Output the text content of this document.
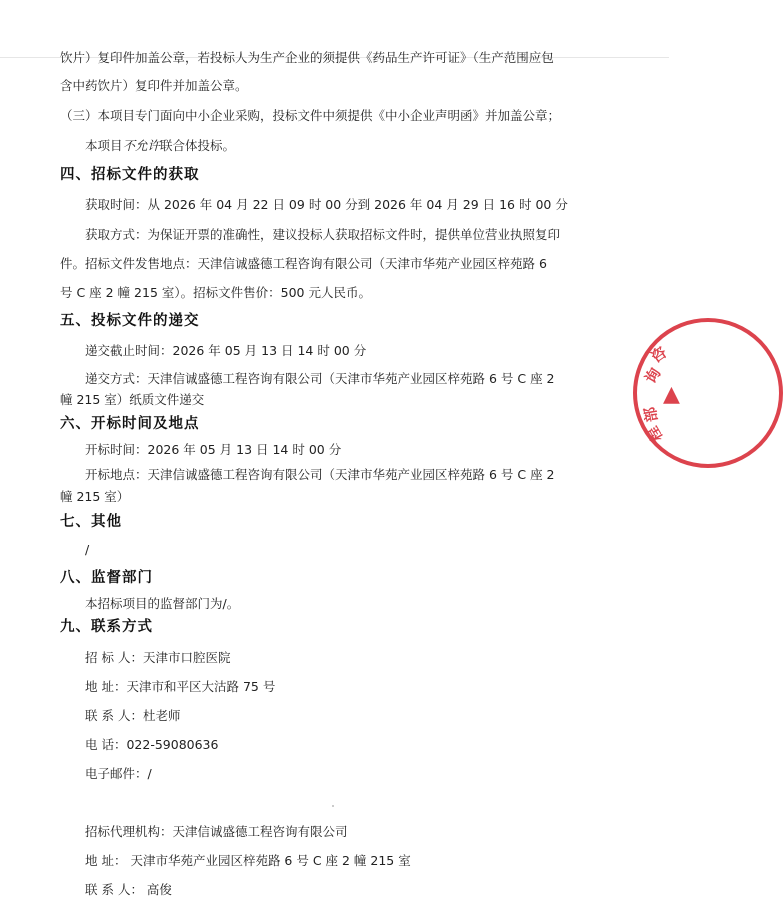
饮片）复印件加盖公章，若投标人为生产企业的须提供《药品生产许可证》（生产范围应包
含中药饮片）复印件并加盖公章。
（三）本项目专门面向中小企业采购，投标文件中须提供《中小企业声明函》并加盖公章；
本项目不允许联合体投标。
四、招标文件的获取
获取时间：从 2026 年 04 月 22 日 09 时 00 分到 2026 年 04 月 29 日 16 时 00 分
获取方式：为保证开票的准确性，建议投标人获取招标文件时，提供单位营业执照复印
件。招标文件发售地点：天津信诚盛德工程咨询有限公司（天津市华苑产业园区梓苑路 6
号 C 座 2 幢 215 室）。招标文件售价：500 元人民币。
五、投标文件的递交
递交截止时间：2026 年 05 月 13 日 14 时 00 分
递交方式：天津信诚盛德工程咨询有限公司（天津市华苑产业园区梓苑路 6 号 C 座 2
幢 215 室）纸质文件递交
六、开标时间及地点
开标时间：2026 年 05 月 13 日 14 时 00 分
开标地点：天津信诚盛德工程咨询有限公司（天津市华苑产业园区梓苑路 6 号 C 座 2
幢 215 室）
七、其他
/
八、监督部门
本招标项目的监督部门为/。
九、联系方式
招 标 人：天津市口腔医院
地 址：天津市和平区大沽路 75 号
联 系 人：杜老师
电 话：022-59080636
电子邮件：/
招标代理机构：天津信诚盛德工程咨询有限公司
地 址： 天津市华苑产业园区梓苑路 6 号 C 座 2 幢 215 室
联 系 人： 高俊
咨
询
部
程
▲
